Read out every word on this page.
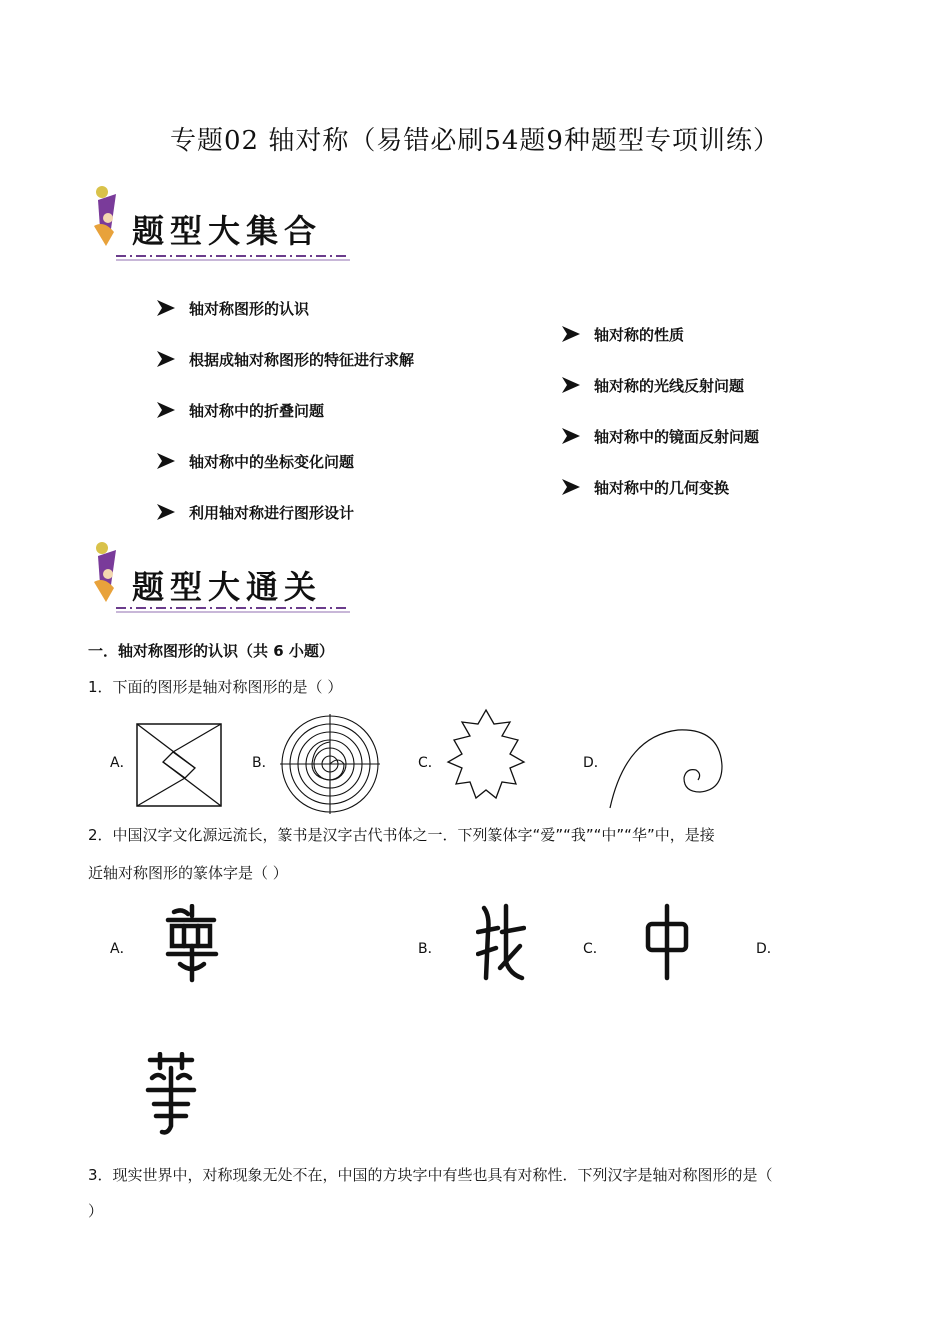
专题02 轴对称（易错必刷54题9种题型专项训练）
题型大集合
轴对称图形的认识
根据成轴对称图形的特征进行求解
轴对称中的折叠问题
轴对称中的坐标变化问题
利用轴对称进行图形设计
轴对称的性质
轴对称的光线反射问题
轴对称中的镜面反射问题
轴对称中的几何变换
题型大通关
一．轴对称图形的认识（共 6 小题）
1．下面的图形是轴对称图形的是（ ）
A．	B．	C．	D．
2．中国汉字文化源远流长，篆书是汉字古代书体之一．下列篆体字“爱”“我”“中”“华”中，是接
近轴对称图形的篆体字是（ ）
A．	B．	C．	D．
3．现实世界中，对称现象无处不在，中国的方块字中有些也具有对称性．下列汉字是轴对称图形的是（
）
